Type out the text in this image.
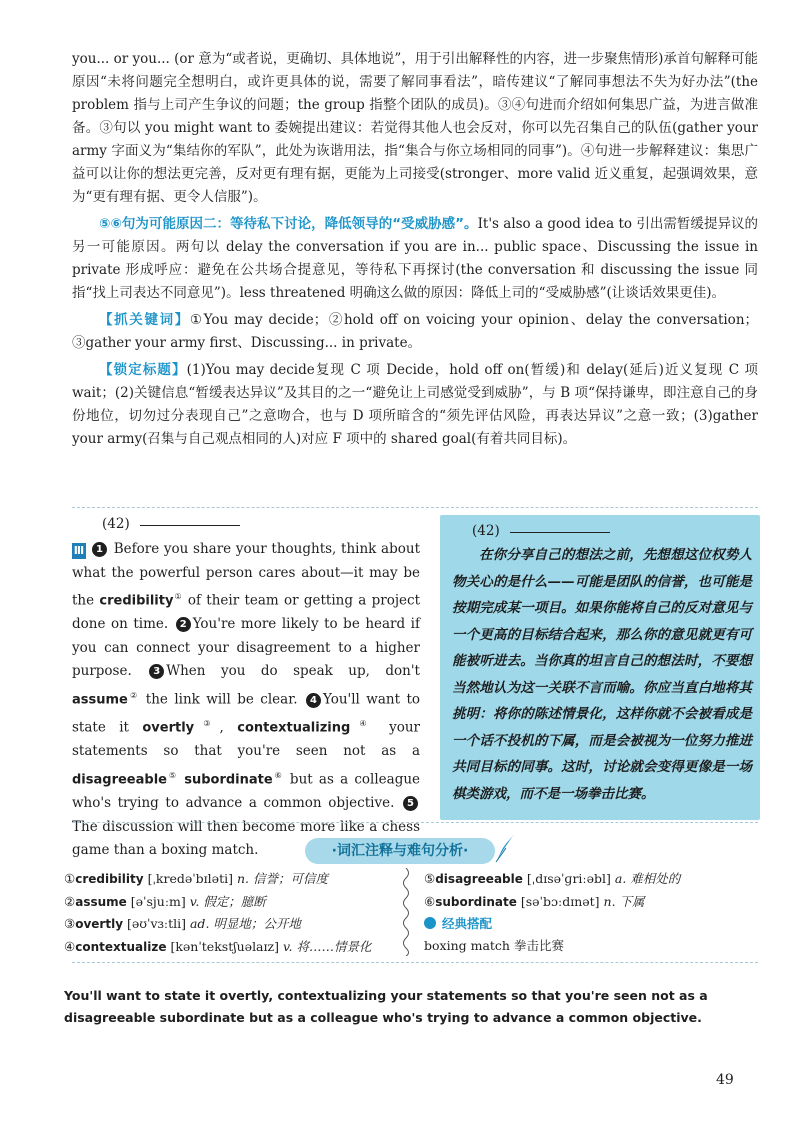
you... or you... (or 意为“或者说，更确切、具体地说”，用于引出解释性的内容，进一步聚焦情形)承首句解释可能原因“未将问题完全想明白，或许更具体的说，需要了解同事看法”，暗传建议“了解同事想法不失为好办法”(the problem 指与上司产生争议的问题；the group 指整个团队的成员)。③④句进而介绍如何集思广益，为进言做准备。③句以 you might want to 委婉提出建议：若觉得其他人也会反对，你可以先召集自己的队伍(gather your army 字面义为“集结你的军队”，此处为诙谐用法，指“集合与你立场相同的同事”)。④句进一步解释建议：集思广益可以让你的想法更完善，反对更有理有据，更能为上司接受(stronger、more valid 近义重复，起强调效果，意为“更有理有据、更令人信服”)。

⑤⑥句为可能原因二：等待私下讨论，降低领导的“受威胁感”。It's also a good idea to 引出需暂缓提异议的另一可能原因。两句以 delay the conversation if you are in... public space、Discussing the issue in private 形成呼应：避免在公共场合提意见，等待私下再探讨(the conversation 和 discussing the issue 同指“找上司表达不同意见”)。less threatened 明确这么做的原因：降低上司的“受威胁感”(让谈话效果更佳)。

【抓关键词】①You may decide；②hold off on voicing your opinion、delay the conversation；③gather your army first、Discussing... in private。

【锁定标题】(1)You may decide复现 C 项 Decide，hold off on(暂缓)和 delay(延后)近义复现 C 项 wait；(2)关键信息“暂缓表达异议”及其目的之一“避免让上司感觉受到威胁”，与 B 项“保持谦卑，即注意自己的身份地位，切勿过分表现自己”之意吻合，也与 D 项所暗含的“须先评估风险，再表达异议”之意一致；(3)gather your army(召集与自己观点相同的人)对应 F 项中的 shared goal(有着共同目标)。

(42)

Ⅲ 1 Before you share your thoughts, think about what the powerful person cares about—it may be the credibility① of their team or getting a project done on time. 2 You're more likely to be heard if you can connect your disagreement to a higher purpose. 3 When you do speak up, don't assume② the link will be clear. 4 You'll want to state it overtly③, contextualizing④ your statements so that you're seen not as a disagreeable⑤ subordinate⑥ but as a colleague who's trying to advance a common objective. 5The discussion will then become more like a chess game than a boxing match.

(42)
在你分享自己的想法之前，先想想这位权势人物关心的是什么——可能是团队的信誉，也可能是按期完成某一项目。如果你能将自己的反对意见与一个更高的目标结合起来，那么你的意见就更有可能被听进去。当你真的坦言自己的想法时，不要想当然地认为这一关联不言而喻。你应当直白地将其挑明：将你的陈述情景化，这样你就不会被看成是一个话不投机的下属，而是会被视为一位努力推进共同目标的同事。这时，讨论就会变得更像是一场棋类游戏，而不是一场拳击比赛。
·词汇注释与难句分析·
①credibility [ˌkredəˈbɪləti] n. 信誉；可信度
②assume [əˈsjuːm] v. 假定；臆断
③overtly [əʊˈvɜːtli] ad. 明显地；公开地
④contextualize [kənˈtekstʃuəlaɪz] v. 将……情景化
⑤disagreeable [ˌdɪsəˈɡriːəbl] a. 难相处的
⑥subordinate [səˈbɔːdɪnət] n. 下属
经典搭配
boxing match 拳击比赛
You'll want to state it overtly, contextualizing your statements so that you're seen not as a disagreeable subordinate but as a colleague who's trying to advance a common objective.
49
